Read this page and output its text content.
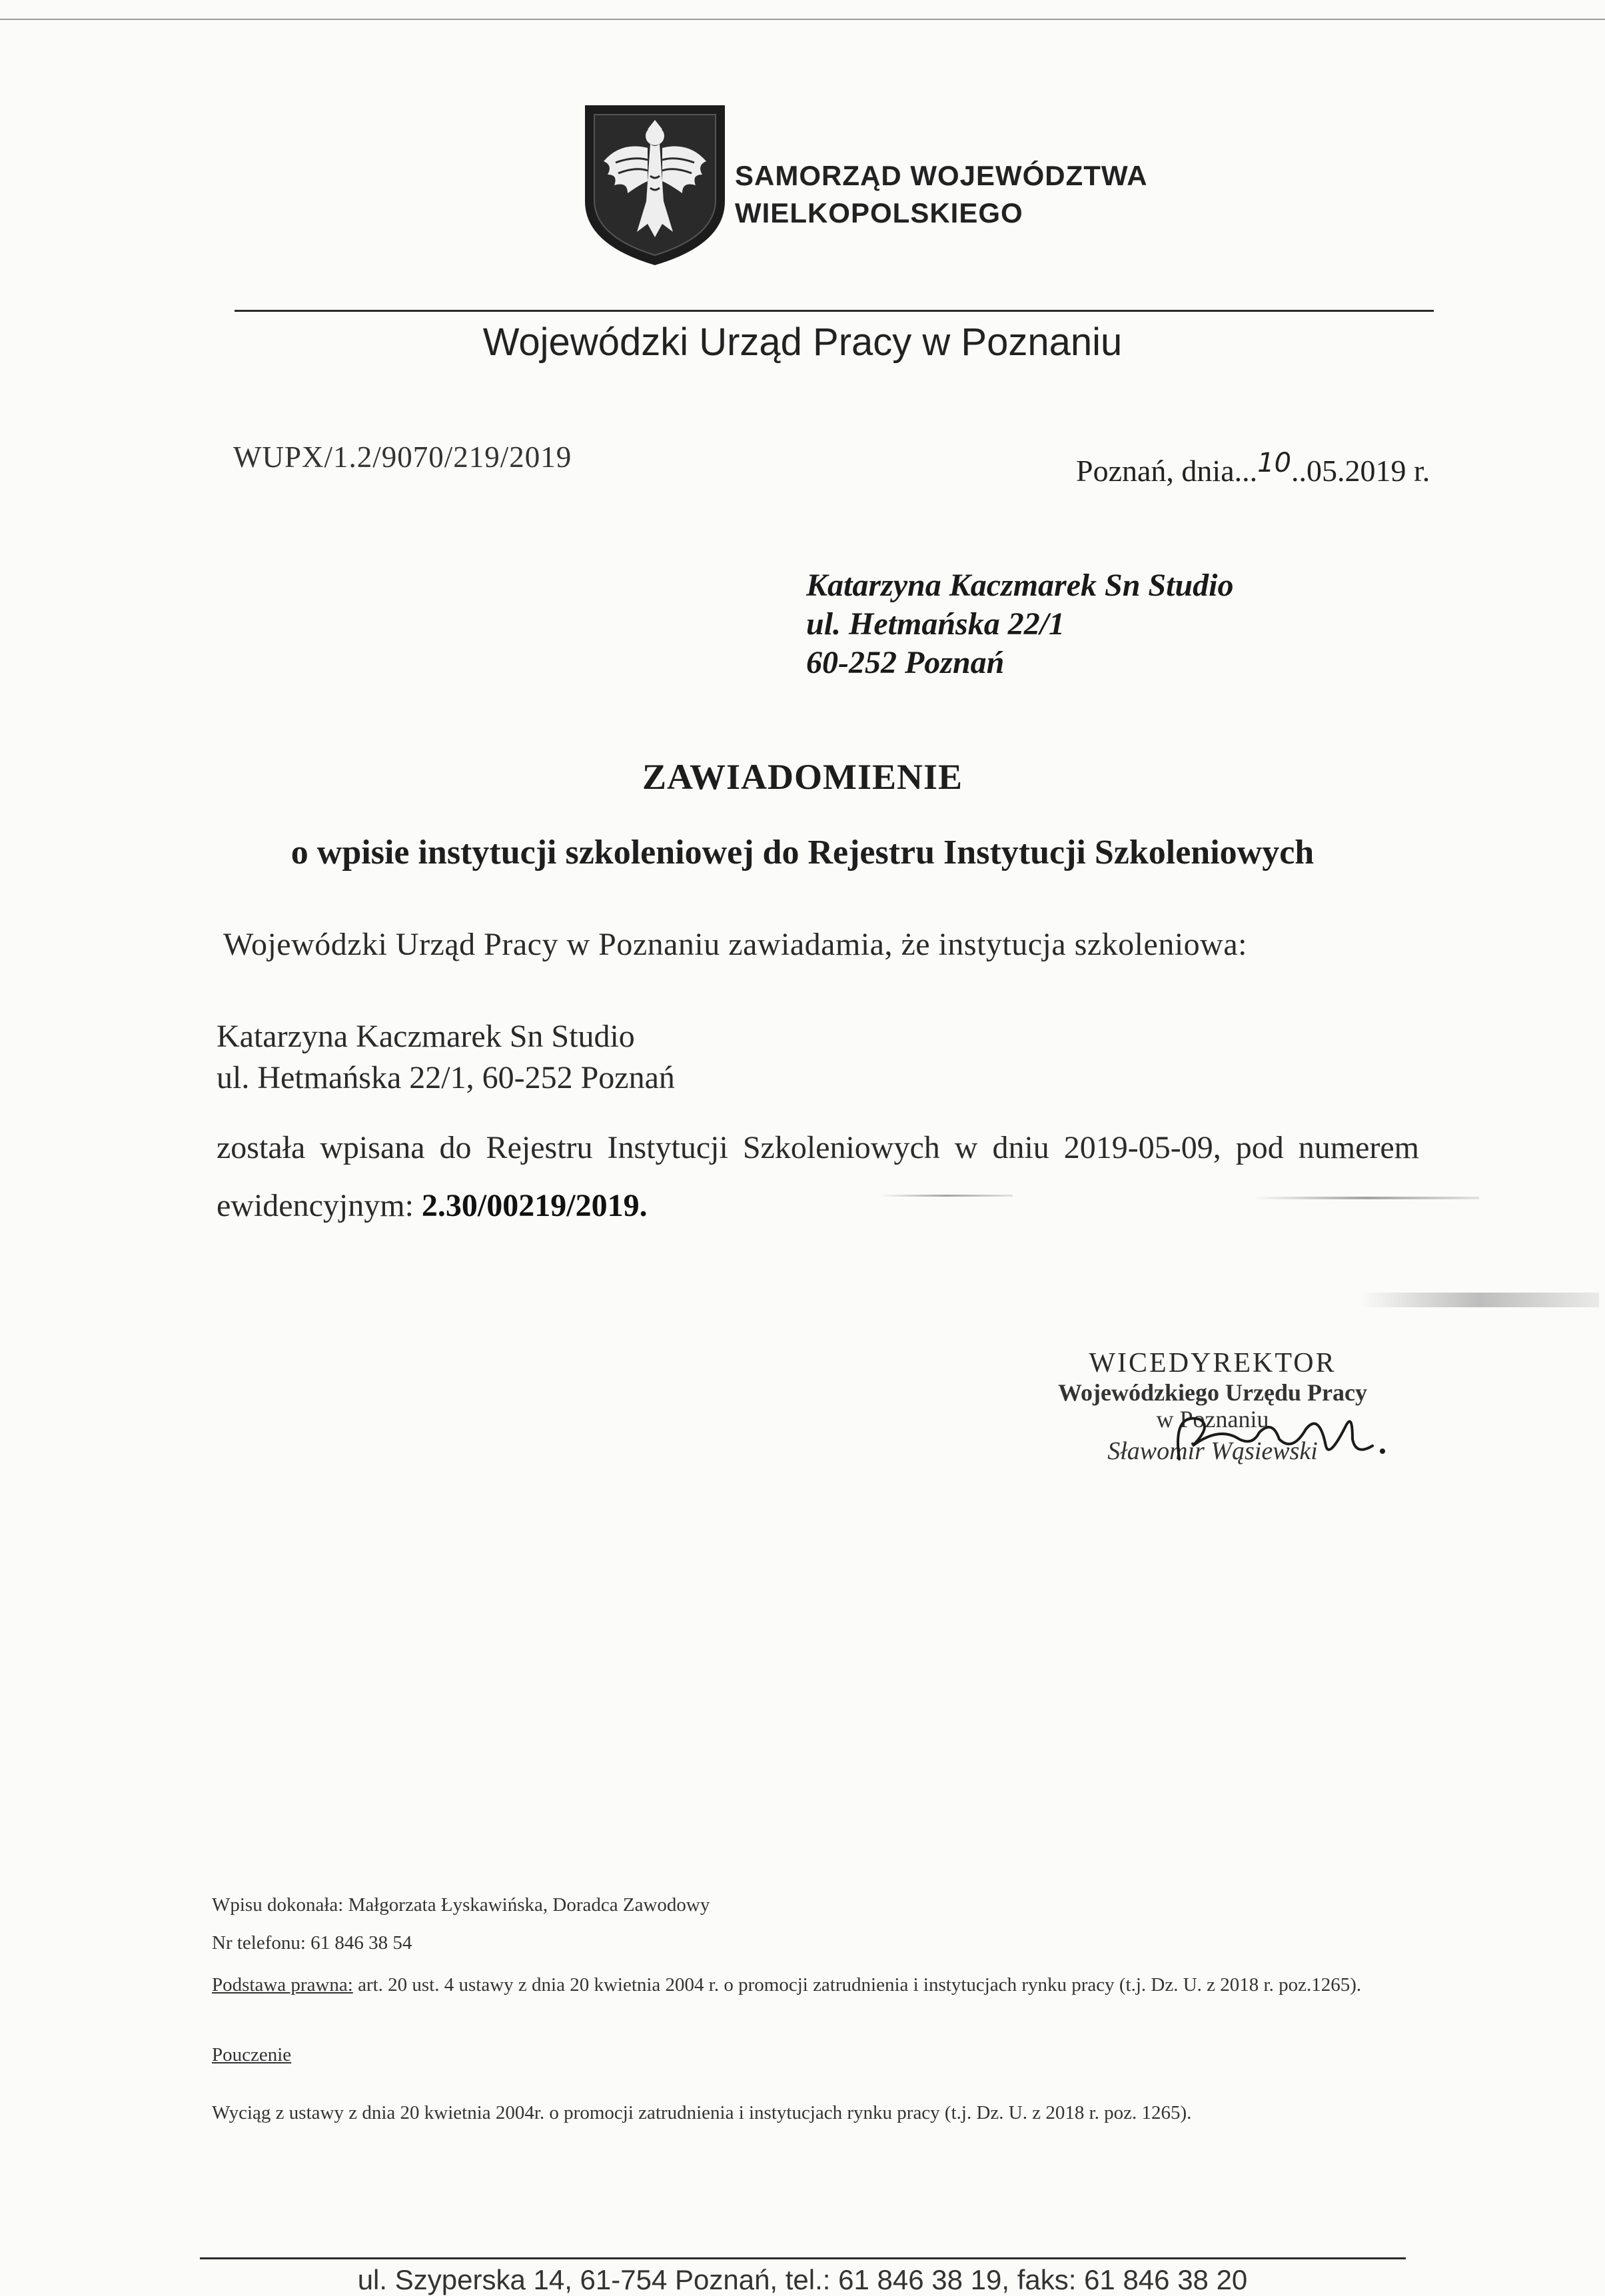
SAMORZĄD WOJEWÓDZTWA
WIELKOPOLSKIEGO
Wojewódzki Urząd Pracy w Poznaniu
WUPX/1.2/9070/219/2019	Poznań, dnia...10..05.2019 r.
Katarzyna Kaczmarek Sn Studio
ul. Hetmańska 22/1
60-252 Poznań
ZAWIADOMIENIE
o wpisie instytucji szkoleniowej do Rejestru Instytucji Szkoleniowych
Wojewódzki Urząd Pracy w Poznaniu zawiadamia, że instytucja szkoleniowa:
Katarzyna Kaczmarek Sn Studio
ul. Hetmańska 22/1, 60-252 Poznań
została wpisana do Rejestru Instytucji Szkoleniowych w dniu 2019-05-09, pod numerem
ewidencyjnym: 2.30/00219/2019.
WICEDYREKTOR
Wojewódzkiego Urzędu Pracy
w Poznaniu
Sławomir Wąsiewski
Wpisu dokonała: Małgorzata Łyskawińska, Doradca Zawodowy
Nr telefonu: 61 846 38 54
Podstawa prawna: art. 20 ust. 4 ustawy z dnia 20 kwietnia 2004 r. o promocji zatrudnienia i instytucjach rynku pracy (t.j. Dz. U. z 2018 r. poz.1265).
Pouczenie
Wyciąg z ustawy z dnia 20 kwietnia 2004r. o promocji zatrudnienia i instytucjach rynku pracy (t.j. Dz. U. z 2018 r. poz. 1265).
ul. Szyperska 14, 61-754 Poznań, tel.: 61 846 38 19, faks: 61 846 38 20
